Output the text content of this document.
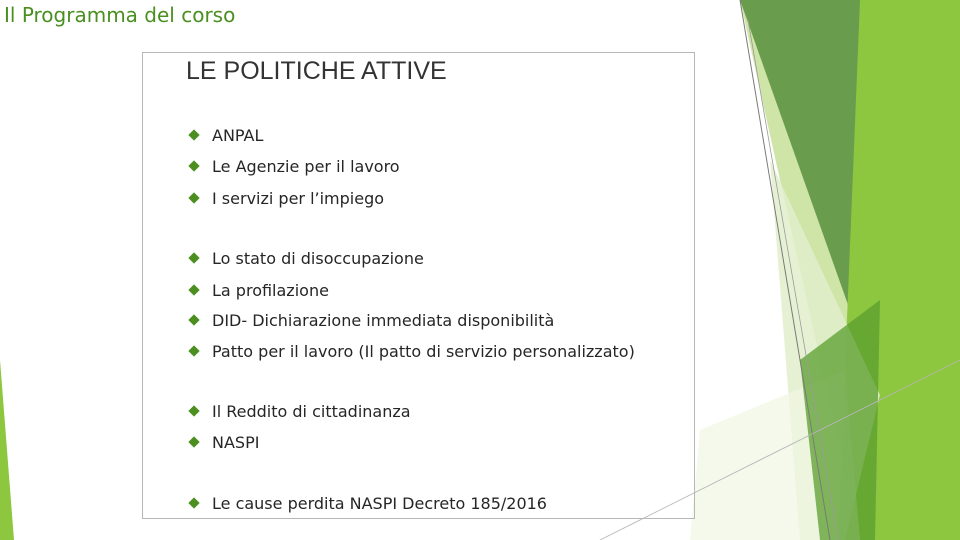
Il Programma del corso
LE POLITICHE ATTIVE
ANPAL
Le Agenzie per il lavoro
I servizi per l’impiego
Lo stato di disoccupazione
La profilazione
DID- Dichiarazione immediata disponibilità
Patto per il lavoro (Il patto di servizio personalizzato)
Il Reddito di cittadinanza
NASPI
Le cause perdita NASPI Decreto 185/2016
